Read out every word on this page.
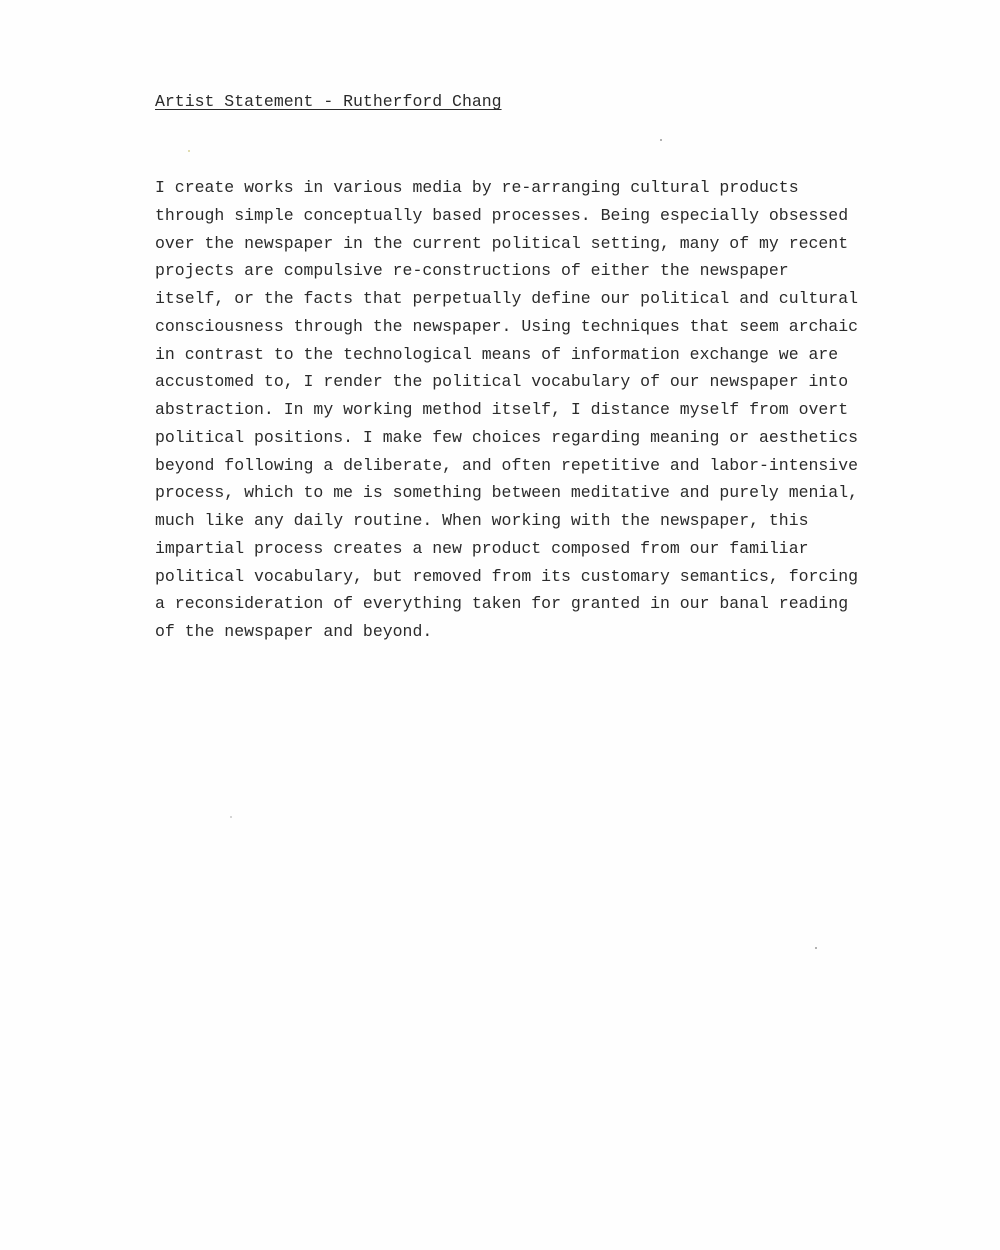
Artist Statement - Rutherford Chang

I create works in various media by re-arranging cultural products
through simple conceptually based processes. Being especially obsessed
over the newspaper in the current political setting, many of my recent
projects are compulsive re-constructions of either the newspaper
itself, or the facts that perpetually define our political and cultural
consciousness through the newspaper. Using techniques that seem archaic
in contrast to the technological means of information exchange we are
accustomed to, I render the political vocabulary of our newspaper into
abstraction. In my working method itself, I distance myself from overt
political positions. I make few choices regarding meaning or aesthetics
beyond following a deliberate, and often repetitive and labor-intensive
process, which to me is something between meditative and purely menial,
much like any daily routine. When working with the newspaper, this
impartial process creates a new product composed from our familiar
political vocabulary, but removed from its customary semantics, forcing
a reconsideration of everything taken for granted in our banal reading
of the newspaper and beyond.
